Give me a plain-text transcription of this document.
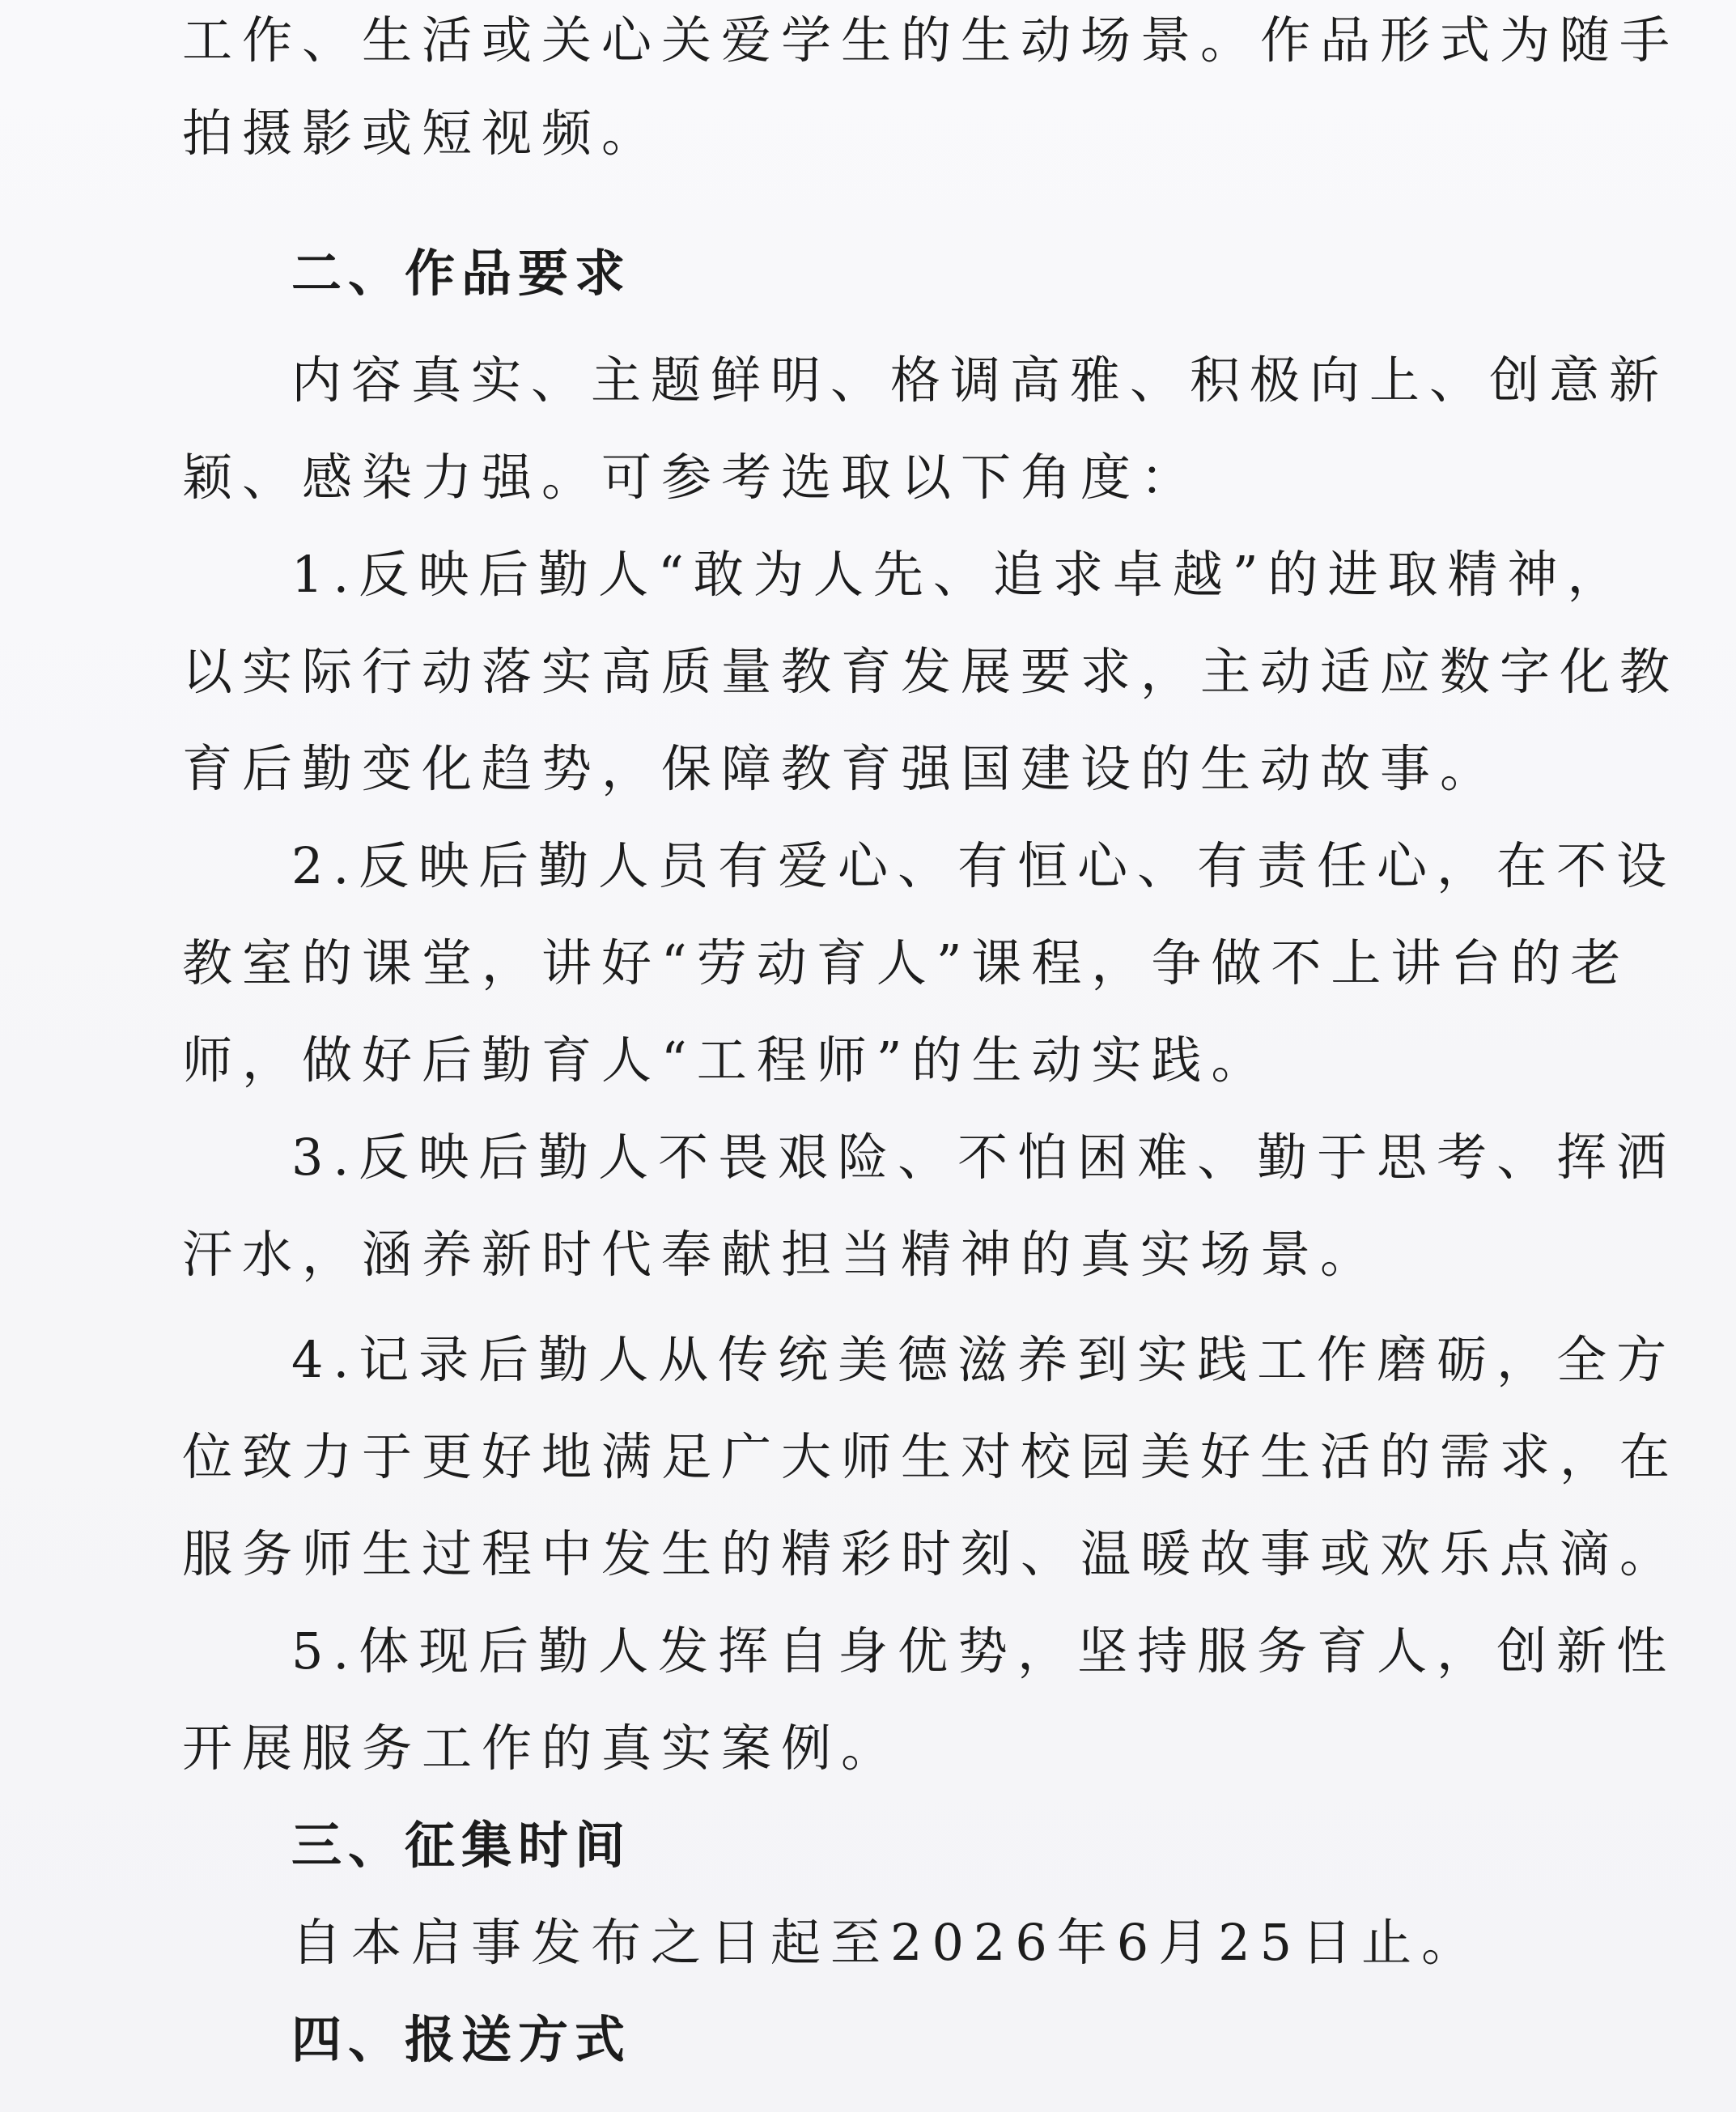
工作、生活或关心关爱学生的生动场景。作品形式为随手
拍摄影或短视频。
二、作品要求
内容真实、主题鲜明、格调高雅、积极向上、创意新
颖、感染力强。可参考选取以下角度：
1.反映后勤人“敢为人先、追求卓越”的进取精神，
以实际行动落实高质量教育发展要求，主动适应数字化教
育后勤变化趋势，保障教育强国建设的生动故事。
2.反映后勤人员有爱心、有恒心、有责任心，在不设
教室的课堂，讲好“劳动育人”课程，争做不上讲台的老
师，做好后勤育人“工程师”的生动实践。
3.反映后勤人不畏艰险、不怕困难、勤于思考、挥洒
汗水，涵养新时代奉献担当精神的真实场景。
4.记录后勤人从传统美德滋养到实践工作磨砺，全方
位致力于更好地满足广大师生对校园美好生活的需求，在
服务师生过程中发生的精彩时刻、温暖故事或欢乐点滴。
5.体现后勤人发挥自身优势，坚持服务育人，创新性
开展服务工作的真实案例。
三、征集时间
自本启事发布之日起至2026年6月25日止。
四、报送方式
